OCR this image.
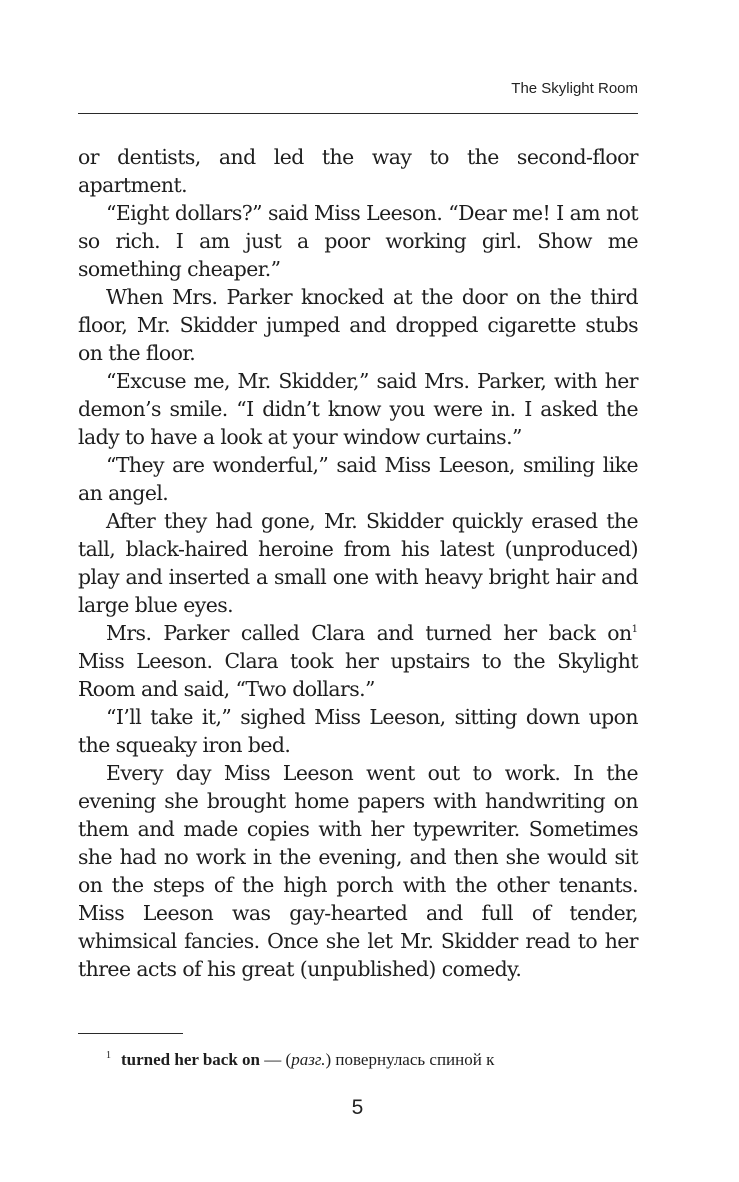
The Skylight Room

or dentists, and led the way to the second-floor apartment.

“Eight dollars?” said Miss Leeson. “Dear me! I am not so rich. I am just a poor working girl. Show me something cheaper.”

When Mrs. Parker knocked at the door on the third floor, Mr. Skidder jumped and dropped cigarette stubs on the floor.

“Excuse me, Mr. Skidder,” said Mrs. Parker, with her demon’s smile. “I didn’t know you were in. I asked the lady to have a look at your window curtains.”

“They are wonderful,” said Miss Leeson, smiling like an angel.

After they had gone, Mr. Skidder quickly erased the tall, black-haired heroine from his latest (unproduced) play and inserted a small one with heavy bright hair and large blue eyes.

Mrs. Parker called Clara and turned her back on$^1$ Miss Leeson. Clara took her upstairs to the Skylight Room and said, “Two dollars.”

“I’ll take it,” sighed Miss Leeson, sitting down upon the squeaky iron bed.

Every day Miss Leeson went out to work. In the evening she brought home papers with handwriting on them and made copies with her typewriter. Sometimes she had no work in the evening, and then she would sit on the steps of the high porch with the other tenants. Miss Leeson was gay-hearted and full of tender, whimsical fancies. Once she let Mr. Skidder read to her three acts of his great (unpublished) comedy.

$^1$ turned her back on — (разг.) повернулась спиной к
5
